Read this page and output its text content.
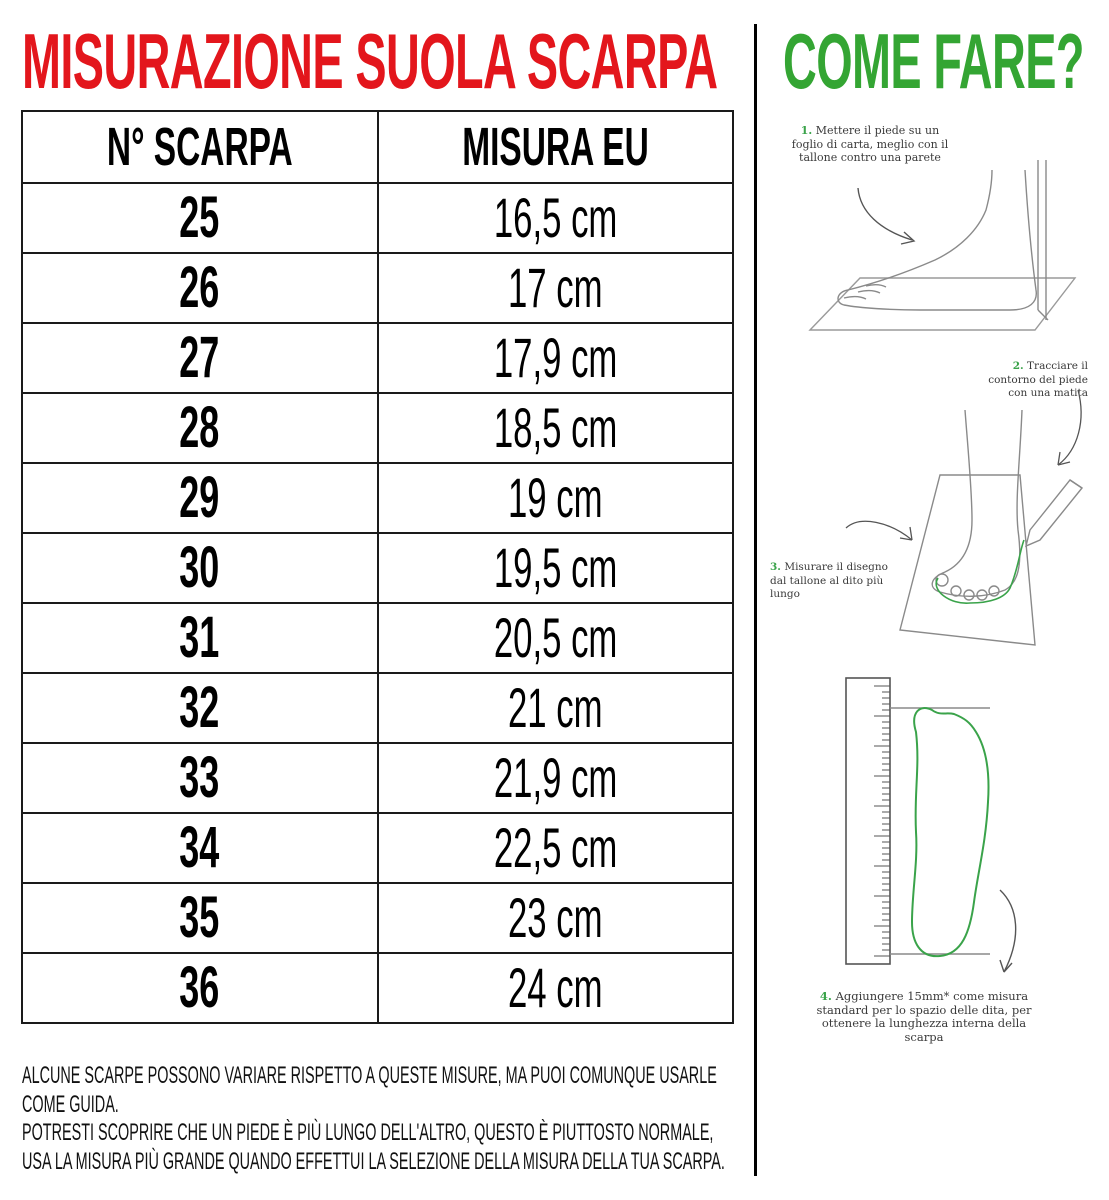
MISURAZIONE SUOLA SCARPA COME FARE?
N° SCARPA	MISURA EU
25	16,5 cm
26	17 cm
27	17,9 cm
28	18,5 cm
29	19 cm
30	19,5 cm
31	20,5 cm
32	21 cm
33	21,9 cm
34	22,5 cm
35	23 cm
36	24 cm

ALCUNE SCARPE POSSONO VARIARE RISPETTO A QUESTE MISURE, MA PUOI COMUNQUE USARLE COME GUIDA.

POTRESTI SCOPRIRE CHE UN PIEDE È PIÙ LUNGO DELL'ALTRO, QUESTO È PIUTTOSTO NORMALE, USA LA MISURA PIÙ GRANDE QUANDO EFFETTUI LA SELEZIONE DELLA MISURA DELLA TUA SCARPA.

1. Mettere il piede su un foglio di carta, meglio con il tallone contro una parete
2. Tracciare il contorno del piede con una matita
3. Misurare il disegno dal tallone al dito più lungo
4. Aggiungere 15mm* come misura standard per lo spazio delle dita, per ottenere la lunghezza interna della scarpa
